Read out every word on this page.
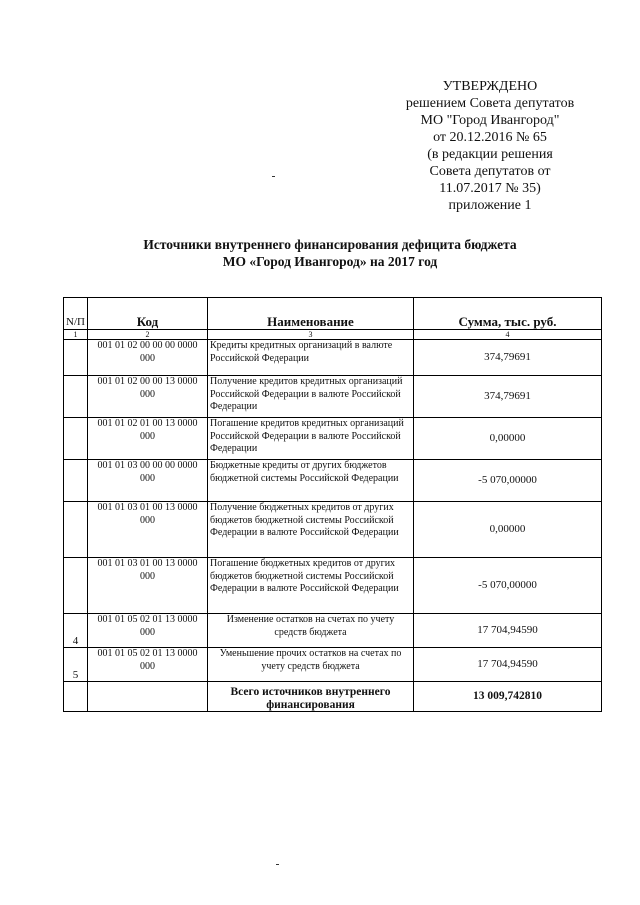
УТВЕРЖДЕНО
решением Совета депутатов
МО "Город Ивангород"
от 20.12.2016 № 65
(в редакции решения
Совета депутатов от
11.07.2017 № 35)
приложение 1
Источники внутреннего финансирования дефицита бюджета
МО «Город Ивангород» на 2017 год
N/П	Код	Наименование	Сумма, тыс. руб.
1	2	3	4
	001 01 02 00 00 00 0000 000	Кредиты кредитных организаций в валюте Российской Федерации	374,79691
	001 01 02 00 00 13 0000 000	Получение кредитов кредитных организаций Российской Федерации в валюте Российской Федерации	374,79691
	001 01 02 01 00 13 0000 000	Погашение кредитов кредитных организаций Российской Федерации в валюте Российской Федерации	0,00000
	001 01 03 00 00 00 0000 000	Бюджетные кредиты от других бюджетов бюджетной системы Российской Федерации	-5 070,00000
	001 01 03 01 00 13 0000 000	Получение бюджетных кредитов от других бюджетов бюджетной системы Российской Федерации в валюте Российской Федерации	0,00000
	001 01 03 01 00 13 0000 000	Погашение бюджетных кредитов от других бюджетов бюджетной системы Российской Федерации в валюте Российской Федерации	-5 070,00000
4	001 01 05 02 01 13 0000 000	Изменение остатков на счетах по учету средств бюджета	17 704,94590
5	001 01 05 02 01 13 0000 000	Уменьшение прочих остатков на счетах по учету средств бюджета	17 704,94590
		Всего источников внутреннего финансирования	13 009,742810
